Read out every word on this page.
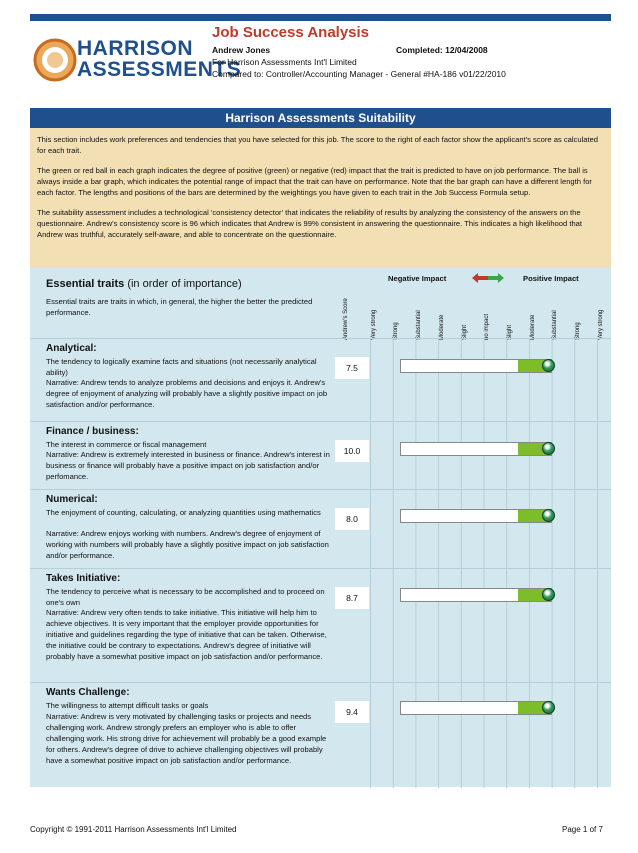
HARRISON
ASSESSMENTS
Job Success Analysis
Andrew Jones	Completed: 12/04/2008
For Harrison Assessments Int'l Limited
Compared to: Controller/Accounting Manager - General #HA-186 v01/22/2010
Harrison Assessments Suitability

This section includes work preferences and tendencies that you have selected for this job. The score to the right of each factor show the applicant's score as calculated for each trait.

The green or red ball in each graph indicates the degree of positive (green) or negative (red) impact that the trait is predicted to have on job performance. The ball is always inside a bar graph, which indicates the potential range of impact that the trait can have on performance. Note that the bar graph can have a different length for each factor. The lengths and positions of the bars are determined by the weightings you have given to each trait in the Job Success Formula setup.

The suitability assessment includes a technological 'consistency detector' that indicates the reliability of results by analyzing the consistency of the answers on the questionnaire. Andrew's consistency score is 96 which indicates that Andrew is 99% consistent in answering the questionnaire. This indicates a high likelihood that Andrew was truthful, accurately self-aware, and able to concentrate on the questionnaire.

Essential traits (in order of importance)
Essential traits are traits in which, in general, the higher the better the predicted performance.
Negative Impact	Positive Impact
Andrew's Score	Very strong	Strong	Substantial	Moderate	Slight	no impact	Slight	Moderate	Substantial	Strong	Very strong
Analytical:
The tendency to logically examine facts and situations (not necessarily analytical ability)
Narrative: Andrew tends to analyze problems and decisions and enjoys it. Andrew's degree of enjoyment of analyzing will probably have a slightly positive impact on job satisfaction and/or performance.
7.5
Finance / business:
The interest in commerce or fiscal management
Narrative: Andrew is extremely interested in business or finance. Andrew's interest in business or finance will probably have a positive impact on job satisfaction and/or perfomance.
10.0
Numerical:
The enjoyment of counting, calculating, or analyzing quantities using mathematics
Narrative: Andrew enjoys working with numbers. Andrew's degree of enjoyment of working with numbers will probably have a slightly positive impact on job satisfaction and/or performance.
8.0
Takes Initiative:
The tendency to perceive what is necessary to be accomplished and to proceed on one's own
Narrative: Andrew very often tends to take initiative. This initiative will help him to achieve objectives. It is very important that the employer provide opportunities for initiative and guidelines regarding the type of initiative that can be taken. Otherwise, the initiative could be contrary to expectations. Andrew's degree of initiative will probably have a somewhat positive impact on job satisfaction and/or performance.
8.7
Wants Challenge:
The willingness to attempt difficult tasks or goals
Narrative: Andrew is very motivated by challenging tasks or projects and needs challenging work. Andrew strongly prefers an employer who is able to offer challenging work. His strong drive for achievement will probably be a good example for others. Andrew's degree of drive to achieve challenging objectives will probably have a somewhat positive impact on job satisfaction and/or performance.
9.4
Copyright © 1991-2011 Harrison Assessments Int'l Limited	Page 1 of 7
